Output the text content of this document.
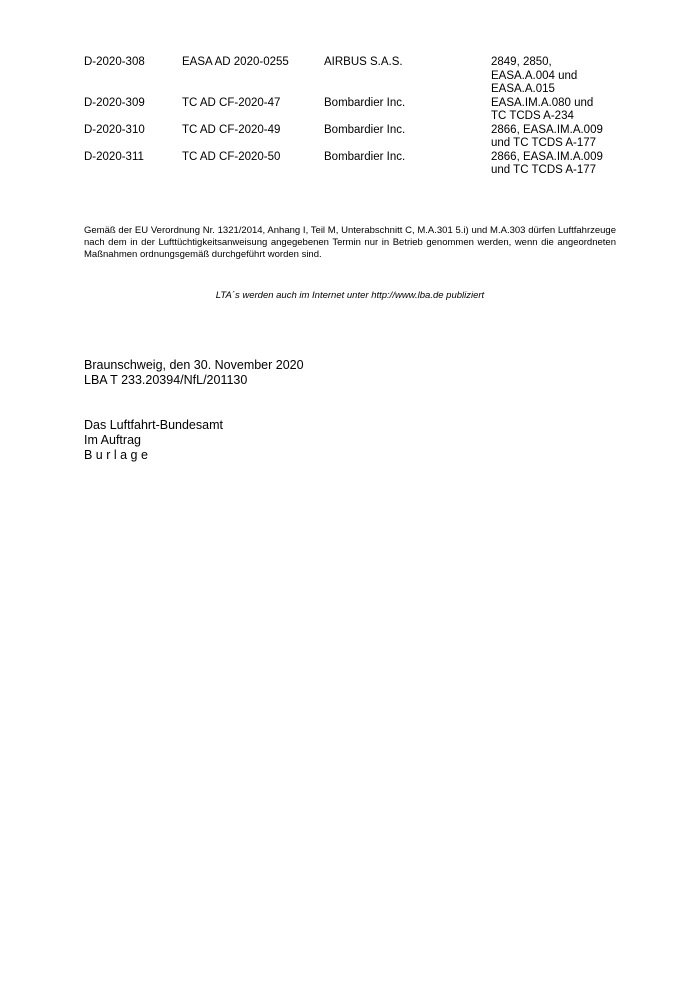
D-2020-308	EASA AD 2020-0255	AIRBUS S.A.S.	2849, 2850,
EASA.A.004 und
EASA.A.015
D-2020-309	TC AD CF-2020-47	Bombardier Inc.	EASA.IM.A.080 und
TC TCDS A-234
D-2020-310	TC AD CF-2020-49	Bombardier Inc.	2866, EASA.IM.A.009
und TC TCDS A-177
D-2020-311	TC AD CF-2020-50	Bombardier Inc.	2866, EASA.IM.A.009
und TC TCDS A-177

Gemäß der EU Verordnung Nr. 1321/2014, Anhang I, Teil M, Unterabschnitt C, M.A.301 5.i) und M.A.303 dürfen Luftfahrzeuge nach dem in der Lufttüchtigkeitsanweisung angegebenen Termin nur in Betrieb genommen werden, wenn die angeordneten Maßnahmen ordnungsgemäß durchgeführt worden sind.

LTA´s werden auch im Internet unter http://www.lba.de publiziert

Braunschweig, den 30. November 2020
LBA T 233.20394/NfL/201130
Das Luftfahrt-Bundesamt
Im Auftrag
B u r l a g e
